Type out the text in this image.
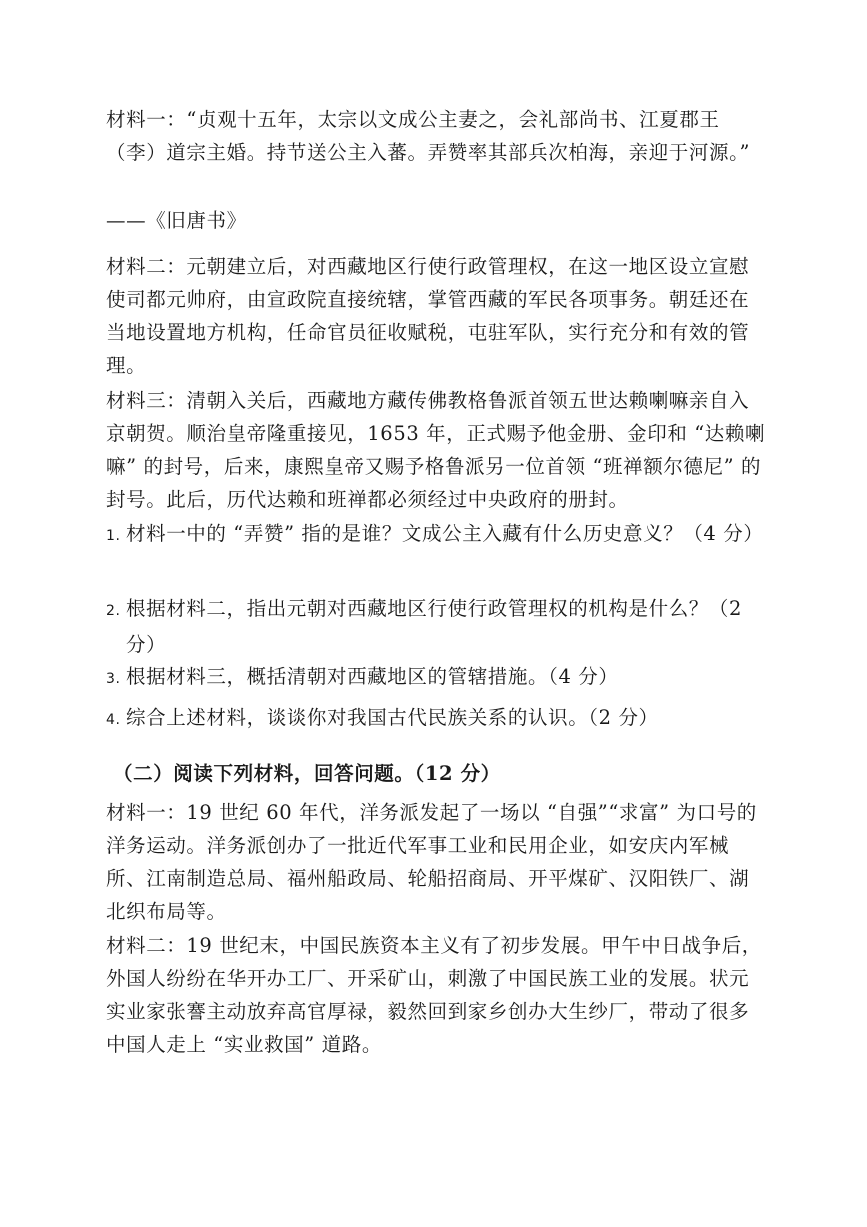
材料一：“贞观十五年，太宗以文成公主妻之，会礼部尚书、江夏郡王（李）道宗主婚。持节送公主入蕃。弄赞率其部兵次柏海，亲迎于河源。”

——《旧唐书》

材料二：元朝建立后，对西藏地区行使行政管理权，在这一地区设立宣慰使司都元帅府，由宣政院直接统辖，掌管西藏的军民各项事务。朝廷还在当地设置地方机构，任命官员征收赋税，屯驻军队，实行充分和有效的管理。

材料三：清朝入关后，西藏地方藏传佛教格鲁派首领五世达赖喇嘛亲自入京朝贺。顺治皇帝隆重接见，1653 年，正式赐予他金册、金印和 “达赖喇嘛” 的封号，后来，康熙皇帝又赐予格鲁派另一位首领 “班禅额尔德尼” 的封号。此后，历代达赖和班禅都必须经过中央政府的册封。

1. 材料一中的 “弄赞” 指的是谁？文成公主入藏有什么历史意义？（4 分）
2. 根据材料二，指出元朝对西藏地区行使行政管理权的机构是什么？（2 分）
3. 根据材料三，概括清朝对西藏地区的管辖措施。（4 分）
4. 综合上述材料，谈谈你对我国古代民族关系的认识。（2 分）
（二）阅读下列材料，回答问题。（12 分）

材料一：19 世纪 60 年代，洋务派发起了一场以 “自强”“求富” 为口号的洋务运动。洋务派创办了一批近代军事工业和民用企业，如安庆内军械所、江南制造总局、福州船政局、轮船招商局、开平煤矿、汉阳铁厂、湖北织布局等。

材料二：19 世纪末，中国民族资本主义有了初步发展。甲午中日战争后，外国人纷纷在华开办工厂、开采矿山，刺激了中国民族工业的发展。状元实业家张謇主动放弃高官厚禄，毅然回到家乡创办大生纱厂，带动了很多中国人走上 “实业救国” 道路。
